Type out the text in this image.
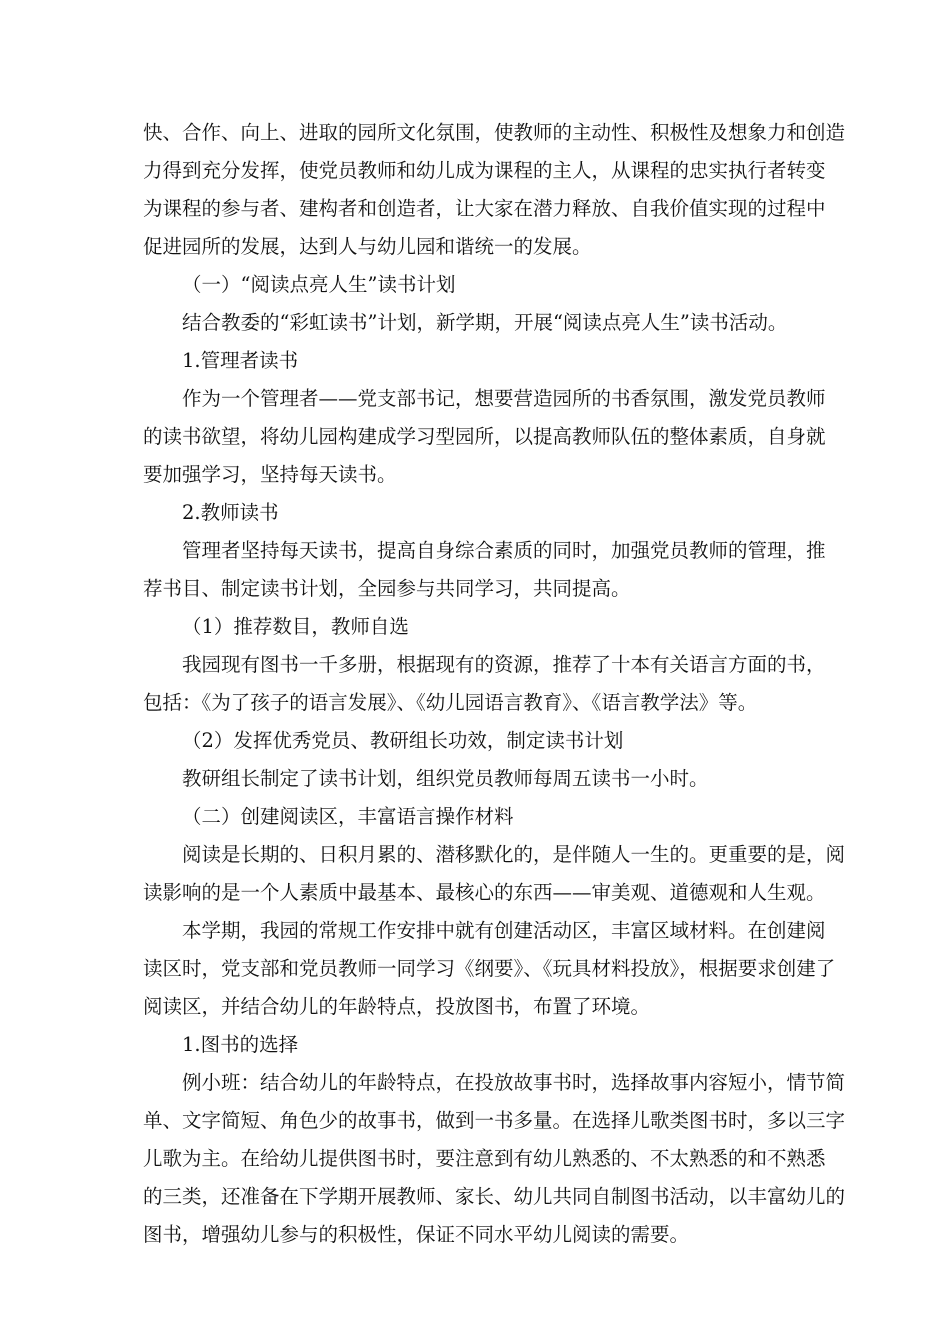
快、合作、向上、进取的园所文化氛围，使教师的主动性、积极性及想象力和创造

力得到充分发挥，使党员教师和幼儿成为课程的主人，从课程的忠实执行者转变

为课程的参与者、建构者和创造者，让大家在潜力释放、自我价值实现的过程中

促进园所的发展，达到人与幼儿园和谐统一的发展。

（一）“阅读点亮人生”读书计划

结合教委的“彩虹读书”计划，新学期，开展“阅读点亮人生”读书活动。

1.管理者读书

作为一个管理者——党支部书记，想要营造园所的书香氛围，激发党员教师

的读书欲望，将幼儿园构建成学习型园所，以提高教师队伍的整体素质，自身就

要加强学习，坚持每天读书。

2.教师读书

管理者坚持每天读书，提高自身综合素质的同时，加强党员教师的管理，推

荐书目、制定读书计划，全园参与共同学习，共同提高。

（1）推荐数目，教师自选

我园现有图书一千多册，根据现有的资源，推荐了十本有关语言方面的书，

包括：《为了孩子的语言发展》、《幼儿园语言教育》、《语言教学法》等。

（2）发挥优秀党员、教研组长功效，制定读书计划

教研组长制定了读书计划，组织党员教师每周五读书一小时。

（二）创建阅读区，丰富语言操作材料

阅读是长期的、日积月累的、潜移默化的，是伴随人一生的。更重要的是，阅

读影响的是一个人素质中最基本、最核心的东西——审美观、道德观和人生观。

本学期，我园的常规工作安排中就有创建活动区，丰富区域材料。在创建阅

读区时，党支部和党员教师一同学习《纲要》、《玩具材料投放》，根据要求创建了

阅读区，并结合幼儿的年龄特点，投放图书，布置了环境。

1.图书的选择

例小班：结合幼儿的年龄特点，在投放故事书时，选择故事内容短小，情节简

单、文字简短、角色少的故事书，做到一书多量。在选择儿歌类图书时，多以三字

儿歌为主。在给幼儿提供图书时，要注意到有幼儿熟悉的、不太熟悉的和不熟悉

的三类，还准备在下学期开展教师、家长、幼儿共同自制图书活动，以丰富幼儿的

图书，增强幼儿参与的积极性，保证不同水平幼儿阅读的需要。
